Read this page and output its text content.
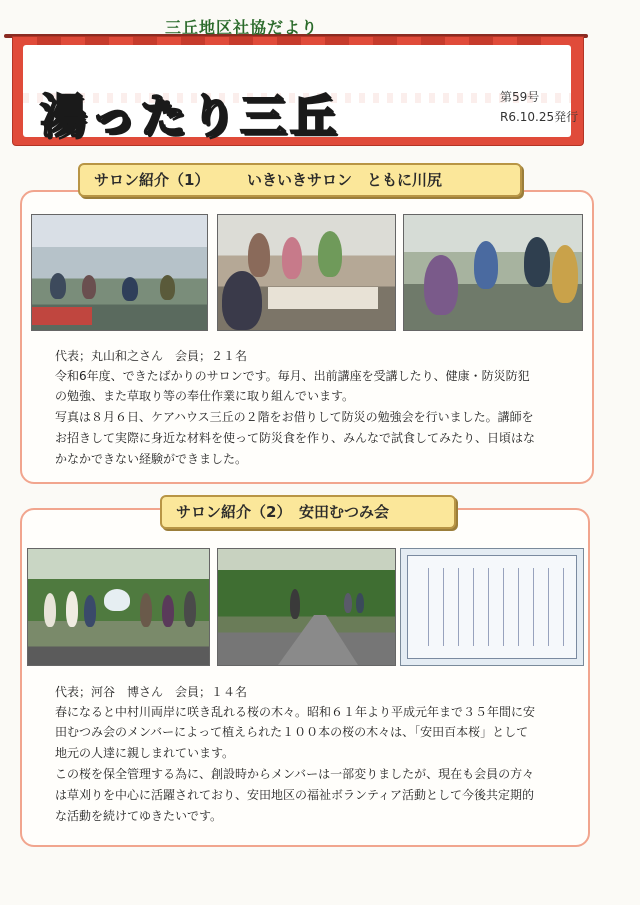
三丘地区社協だより
湯ったり三丘	第59号
R6.10.25発行
サロン紹介（1）　　　いきいきサロン　ともに川尻
代表；丸山和之さん　会員；２１名
令和6年度、できたばかりのサロンです。毎月、出前講座を受講したり、健康・防災防犯
の勉強、また草取り等の奉仕作業に取り組んでいます。
写真は８月６日、ケアハウス三丘の２階をお借りして防災の勉強会を行いました。講師を
お招きして実際に身近な材料を使って防災食を作り、みんなで試食してみたり、日頃はな
かなかできない経験ができました。
サロン紹介（2）　安田むつみ会
代表；河谷　博さん　会員；１４名
春になると中村川両岸に咲き乱れる桜の木々。昭和６１年より平成元年まで３５年間に安
田むつみ会のメンバーによって植えられた１００本の桜の木々は、「安田百本桜」として
地元の人達に親しまれています。
この桜を保全管理する為に、創設時からメンバーは一部変りましたが、現在も会員の方々
は草刈りを中心に活躍されており、安田地区の福祉ボランティア活動として今後共定期的
な活動を続けてゆきたいです。
